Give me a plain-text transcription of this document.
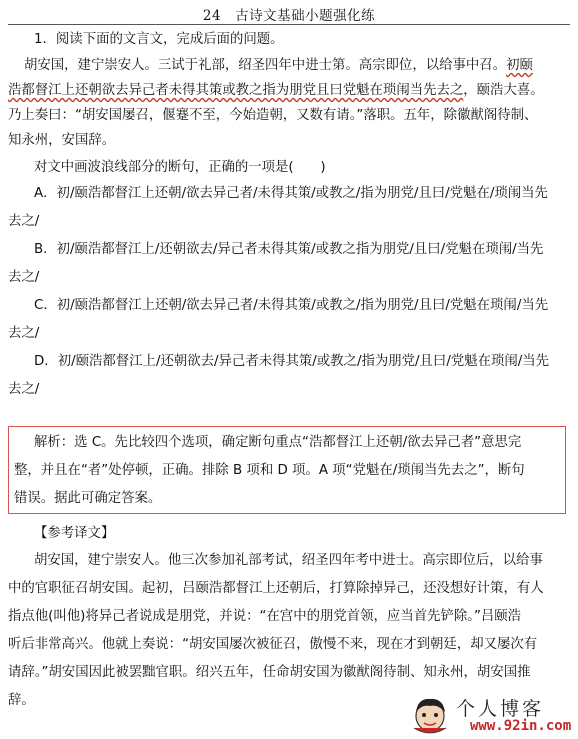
24　古诗文基础小题强化练
1．阅读下面的文言文，完成后面的问题。
胡安国，建宁崇安人。三试于礼部，绍圣四年中进士第。高宗即位，以给事中召。初颐
浩都督江上还朝欲去异己者未得其策或教之指为朋党且曰党魁在琐闱当先去之，颐浩大喜。
乃上奏曰：“胡安国屡召，偃蹇不至，今始造朝，又数有请。”落职。五年，除徽猷阁待制、
知永州，安国辞。
对文中画波浪线部分的断句，正确的一项是(　　)
A．初/颐浩都督江上还朝/欲去异己者/未得其策/或教之/指为朋党/且曰/党魁在/琐闱当先
去之/
B．初/颐浩都督江上/还朝欲去/异己者未得其策/或教之指为朋党/且曰/党魁在琐闱/当先
去之/
C．初/颐浩都督江上还朝/欲去异己者/未得其策/或教之/指为朋党/且曰/党魁在琐闱/当先
去之/
D．初/颐浩都督江上/还朝欲去/异己者未得其策/或教之/指为朋党/且曰/党魁在琐闱/当先
去之/
解析：选 C。先比较四个选项，确定断句重点“浩都督江上还朝/欲去异己者”意思完
整，并且在“者”处停顿，正确。排除 B 项和 D 项。A 项“党魁在/琐闱当先去之”，断句
错误。据此可确定答案。
【参考译文】
胡安国，建宁崇安人。他三次参加礼部考试，绍圣四年考中进士。高宗即位后，以给事
中的官职征召胡安国。起初，吕颐浩都督江上还朝后，打算除掉异己，还没想好计策，有人
指点他(叫他)将异己者说成是朋党，并说：“在宫中的朋党首领，应当首先铲除。”吕颐浩
听后非常高兴。他就上奏说：“胡安国屡次被征召，傲慢不来，现在才到朝廷，却又屡次有
请辞。”胡安国因此被罢黜官职。绍兴五年，任命胡安国为徽猷阁待制、知永州，胡安国推
辞。	个人博客
www.92in.com
